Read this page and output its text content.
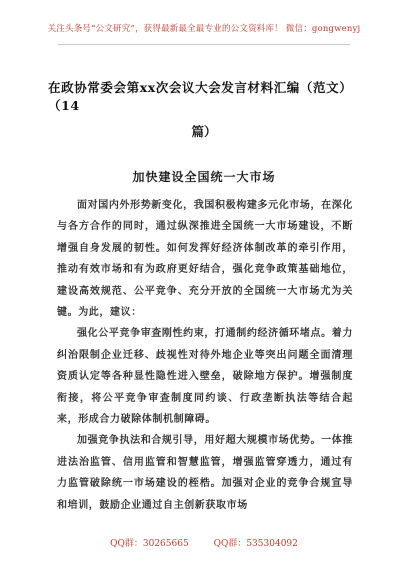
关注头条号“公文研究”，获得最新最全最专业的公文资料库！ 微信：gongwenyj
在政协常委会第xx次会议大会发言材料汇编（范文）（14
篇）
加快建设全国统一大市场

面对国内外形势新变化，我国积极构建多元化市场，在深化与各方合作的同时，通过纵深推进全国统一大市场建设，不断增强自身发展的韧性。如何发挥好经济体制改革的牵引作用，推动有效市场和有为政府更好结合，强化竞争政策基础地位，建设高效规范、公平竞争、充分开放的全国统一大市场尤为关键。为此，建议：

强化公平竞争审查刚性约束，打通制约经济循环堵点。着力纠治限制企业迁移、歧视性对待外地企业等突出问题全面清理资质认定等各种显性隐性进入壁垒，破除地方保护。增强制度衔接，将公平竞争审查制度同约谈、行政垄断执法等结合起来，形成合力破除体制机制障碍。

加强竞争执法和合规引导，用好超大规模市场优势。一体推进法治监管、信用监管和智慧监管，增强监管穿透力，通过有力监管破除统一市场建设的桎梏。加强对企业的竞争合规宣导和培训，鼓励企业通过自主创新获取市场

QQ群：30265665	QQ群：535304092
